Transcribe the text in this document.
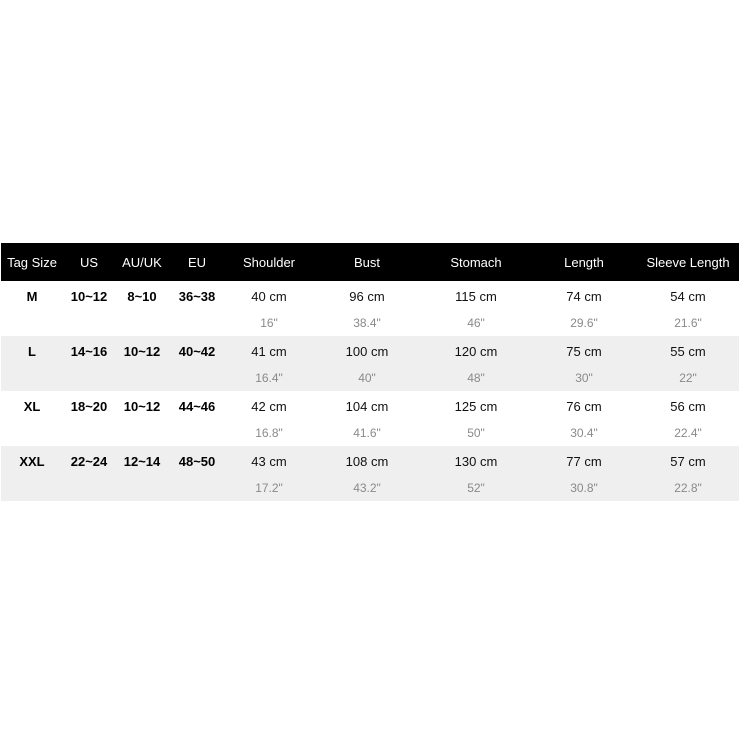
Tag Size	US	AU/UK	EU	Shoulder	Bust	Stomach	Length	Sleeve Length
M	10~12	8~10	36~38	40 cm	96 cm	115 cm	74 cm	54 cm
				16"	38.4"	46"	29.6"	21.6"
L	14~16	10~12	40~42	41 cm	100 cm	120 cm	75 cm	55 cm
				16.4"	40"	48"	30"	22"
XL	18~20	10~12	44~46	42 cm	104 cm	125 cm	76 cm	56 cm
				16.8"	41.6"	50"	30.4"	22.4"
XXL	22~24	12~14	48~50	43 cm	108 cm	130 cm	77 cm	57 cm
				17.2"	43.2"	52"	30.8"	22.8"
